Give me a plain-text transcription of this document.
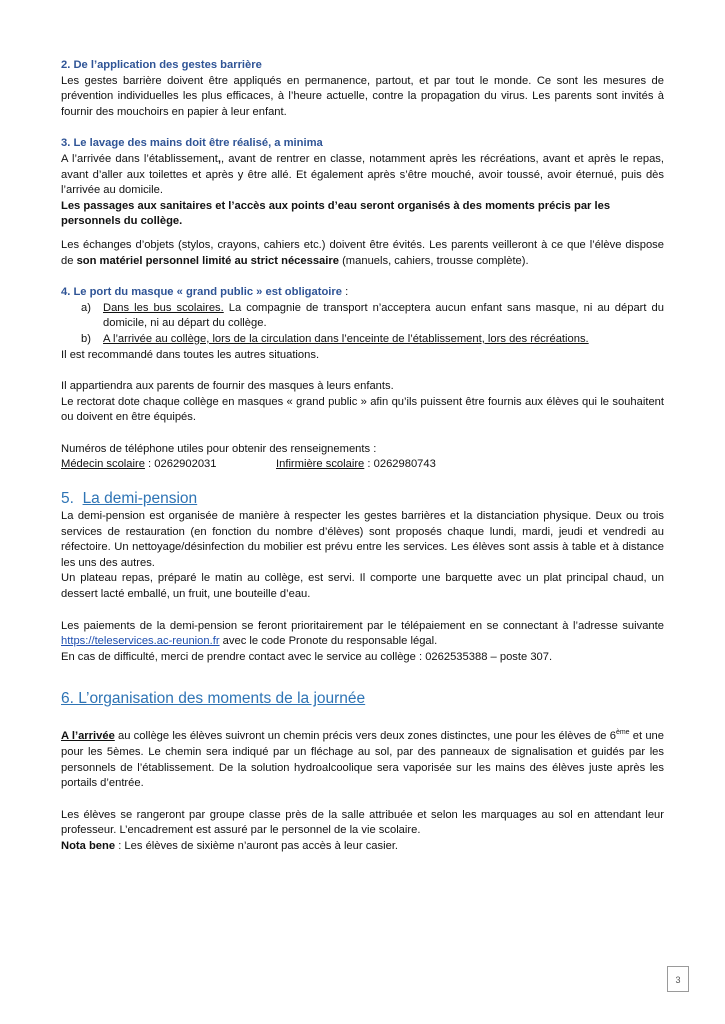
2. De l’application des gestes barrière

Les gestes barrière doivent être appliqués en permanence, partout, et par tout le monde. Ce sont les mesures de prévention individuelles les plus efficaces, à l’heure actuelle, contre la propagation du virus. Les parents sont invités à fournir des mouchoirs en papier à leur enfant.

3. Le lavage des mains doit être réalisé, a minima

A l’arrivée dans l’établissement,, avant de rentrer en classe, notamment après les récréations, avant et après le repas, avant d’aller aux toilettes et après y être allé. Et également après s’être mouché, avoir toussé, avoir éternué, puis dès l’arrivée au domicile.

Les passages aux sanitaires et l’accès aux points d’eau seront organisés à des moments précis par les personnels du collège.

Les échanges d’objets (stylos, crayons, cahiers etc.) doivent être évités. Les parents veilleront à ce que l’élève dispose de son matériel personnel limité au strict nécessaire (manuels, cahiers, trousse complète).

4. Le port du masque « grand public » est obligatoire :

a)	Dans les bus scolaires. La compagnie de transport n’acceptera aucun enfant sans masque, ni au départ du domicile, ni au départ du collège.
b)	A l’arrivée au collège, lors de la circulation dans l’enceinte de l’établissement, lors des récréations.

Il est recommandé dans toutes les autres situations.

Il appartiendra aux parents de fournir des masques à leurs enfants.

Le rectorat dote chaque collège en masques « grand public » afin qu’ils puissent être fournis aux élèves qui le souhaitent ou doivent en être équipés.

Numéros de téléphone utiles pour obtenir des renseignements :

Médecin scolaire : 0262902031	Infirmière scolaire : 0262980743

5. La demi-pension

La demi-pension est organisée de manière à respecter les gestes barrières et la distanciation physique. Deux ou trois services de restauration (en fonction du nombre d’élèves) sont proposés chaque lundi, mardi, jeudi et vendredi au réfectoire. Un nettoyage/désinfection du mobilier est prévu entre les services. Les élèves sont assis à table et à distance les uns des autres.

Un plateau repas, préparé le matin au collège, est servi. Il comporte une barquette avec un plat principal chaud, un dessert lacté emballé, un fruit, une bouteille d’eau.

Les paiements de la demi-pension se feront prioritairement par le télépaiement en se connectant à l’adresse suivante https://teleservices.ac-reunion.fr avec le code Pronote du responsable légal.

En cas de difficulté, merci de prendre contact avec le service au collège : 0262535388 – poste 307.

6. L’organisation des moments de la journée

A l’arrivée au collège les élèves suivront un chemin précis vers deux zones distinctes, une pour les élèves de 6ème et une pour les 5èmes. Le chemin sera indiqué par un fléchage au sol, par des panneaux de signalisation et guidés par les personnels de l’établissement. De la solution hydroalcoolique sera vaporisée sur les mains des élèves juste après les portails d’entrée.

Les élèves se rangeront par groupe classe près de la salle attribuée et selon les marquages au sol en attendant leur professeur. L’encadrement est assuré par le personnel de la vie scolaire.

Nota bene : Les élèves de sixième n’auront pas accès à leur casier.

3
